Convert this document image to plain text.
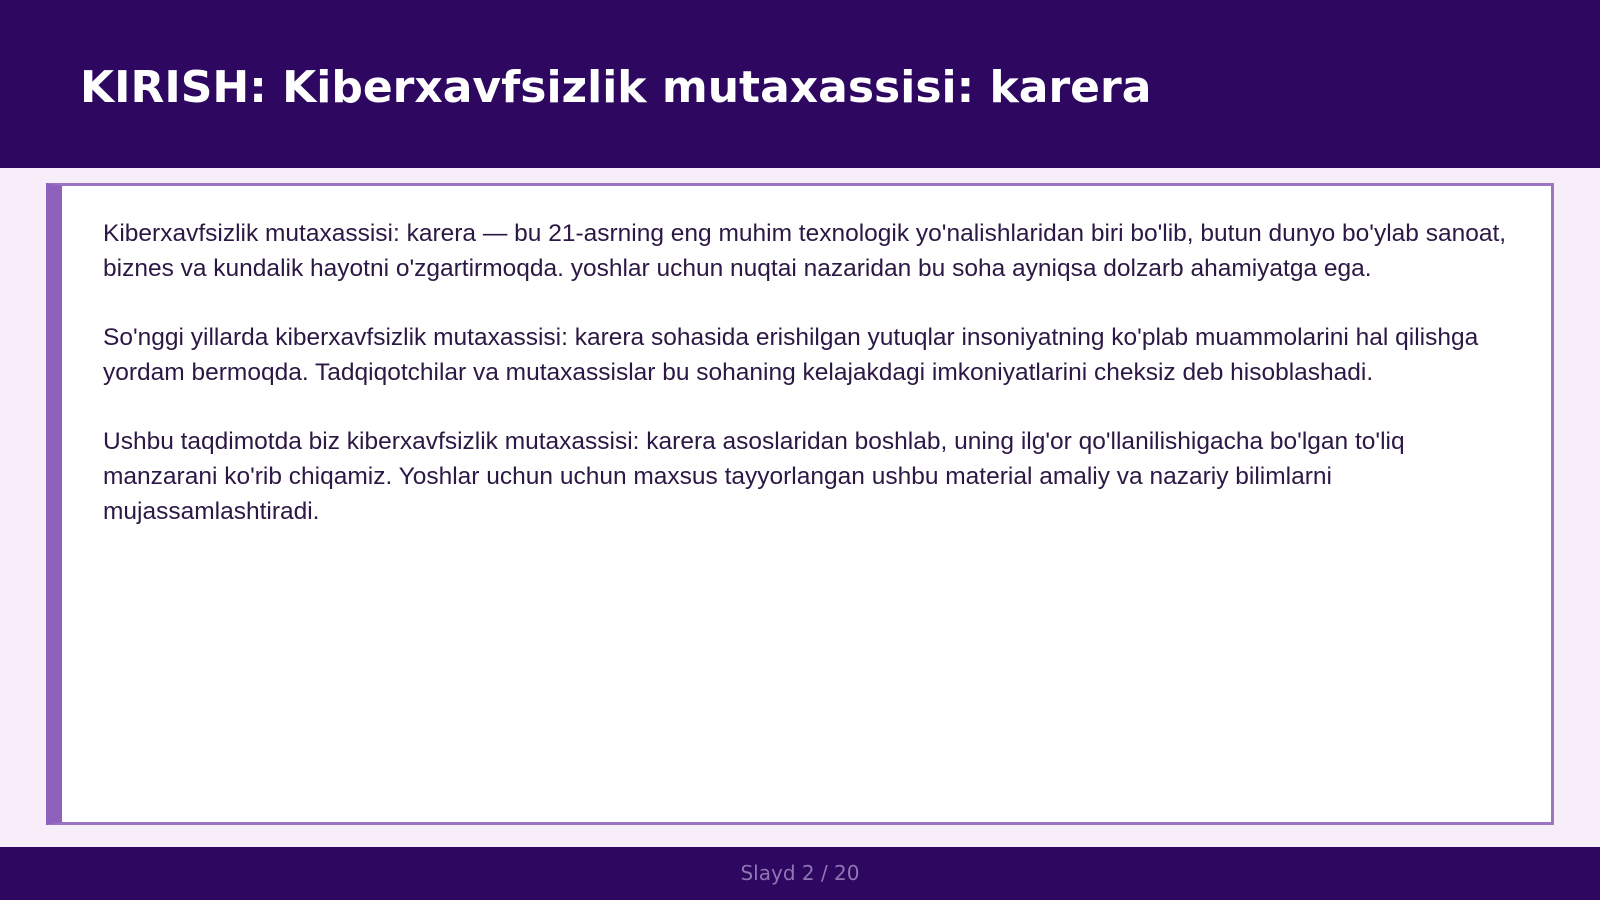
KIRISH: Kiberxavfsizlik mutaxassisi: karera

Kiberxavfsizlik mutaxassisi: karera — bu 21-asrning eng muhim texnologik yo'nalishlaridan biri bo'lib, butun dunyo bo'ylab sanoat, biznes va kundalik hayotni o'zgartirmoqda. yoshlar uchun nuqtai nazaridan bu soha ayniqsa dolzarb ahamiyatga ega.

So'nggi yillarda kiberxavfsizlik mutaxassisi: karera sohasida erishilgan yutuqlar insoniyatning ko'plab muammolarini hal qilishga yordam bermoqda. Tadqiqotchilar va mutaxassislar bu sohaning kelajakdagi imkoniyatlarini cheksiz deb hisoblashadi.

Ushbu taqdimotda biz kiberxavfsizlik mutaxassisi: karera asoslaridan boshlab, uning ilg'or qo'llanilishigacha bo'lgan to'liq manzarani ko'rib chiqamiz. Yoshlar uchun uchun maxsus tayyorlangan ushbu material amaliy va nazariy bilimlarni mujassamlashtiradi.

Slayd 2 / 20
